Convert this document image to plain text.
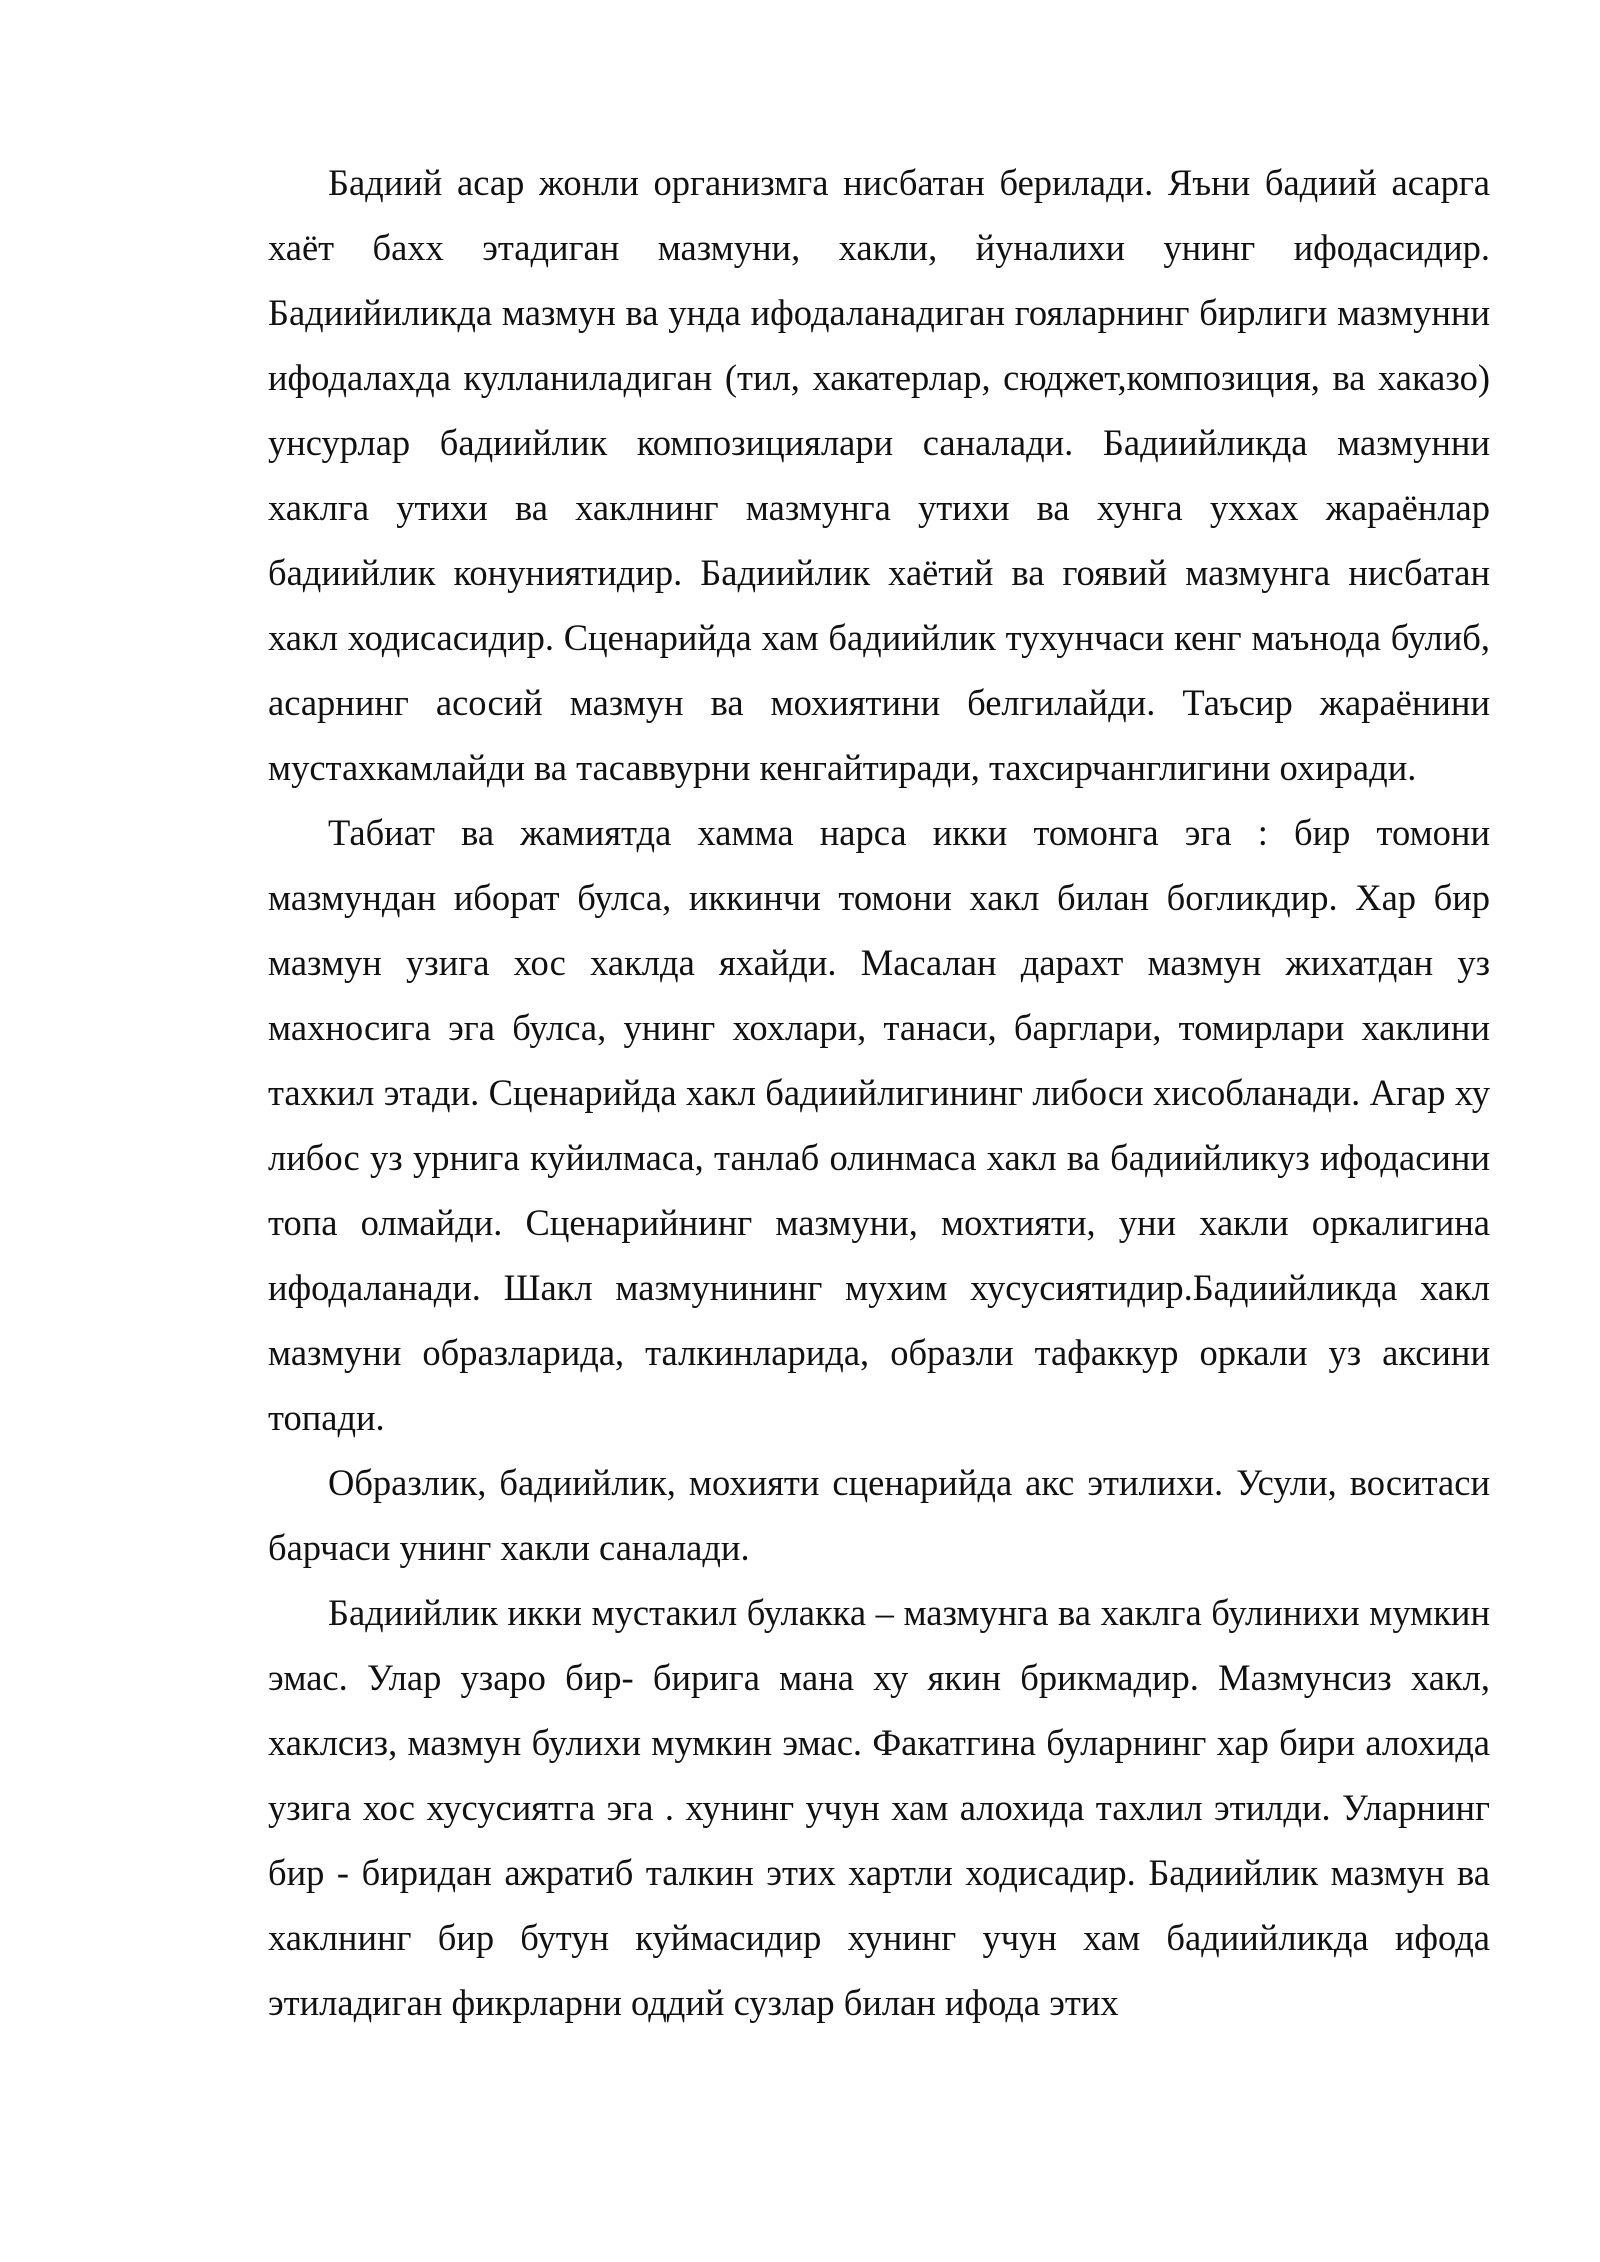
Бадиий асар жонли организмга нисбатан берилади. Яъни бадиий асарга хаёт бахх этадиган мазмуни, хакли, йуналихи унинг ифодасидир. Бадиийиликда мазмун ва унда ифодаланадиган гояларнинг бирлиги мазмунни ифодалахда кулланиладиган (тил, хакатерлар, сюджет,композиция, ва хаказо) унсурлар бадиийлик композициялари саналади. Бадиийликда мазмунни хаклга утихи ва хаклнинг мазмунга утихи ва хунга уххах жараёнлар бадиийлик конуниятидир. Бадиийлик хаётий ва гоявий мазмунга нисбатан хакл ходисасидир. Сценарийда хам бадиийлик тухунчаси кенг маънода булиб, асарнинг асосий мазмун ва мохиятини белгилайди. Таъсир жараёнини мустахкамлайди ва тасаввурни кенгайтиради, тахсирчанглигини охиради.

Табиат ва жамиятда хамма нарса икки томонга эга : бир томони мазмундан иборат булса, иккинчи томони хакл билан богликдир. Хар бир мазмун узига хос хаклда яхайди. Масалан дарахт мазмун жихатдан уз махносига эга булса, унинг хохлари, танаси, барглари, томирлари хаклини тахкил этади. Сценарийда хакл бадиийлигининг либоси хисобланади. Агар ху либос уз урнига куйилмаса, танлаб олинмаса хакл ва бадиийликуз ифодасини топа олмайди. Сценарийнинг мазмуни, мохтияти, уни хакли оркалигина ифодаланади. Шакл мазмунининг мухим хусусиятидир.Бадиийликда хакл мазмуни образларида, талкинларида, образли тафаккур оркали уз аксини топади.

Образлик, бадиийлик, мохияти сценарийда акс этилихи. Усули, воситаси барчаси унинг хакли саналади.

Бадиийлик икки мустакил булакка – мазмунга ва хаклга булинихи мумкин эмас. Улар узаро бир- бирига мана ху якин брикмадир. Мазмунсиз хакл, хаклсиз, мазмун булихи мумкин эмас. Факатгина буларнинг хар бири алохида узига хос хусусиятга эга . хунинг учун хам алохида тахлил этилди. Уларнинг бир - биридан ажратиб талкин этих хартли ходисадир. Бадиийлик мазмун ва хаклнинг бир бутун куймасидир хунинг учун хам бадиийликда ифода этиладиган фикрларни оддий сузлар билан ифода этих
